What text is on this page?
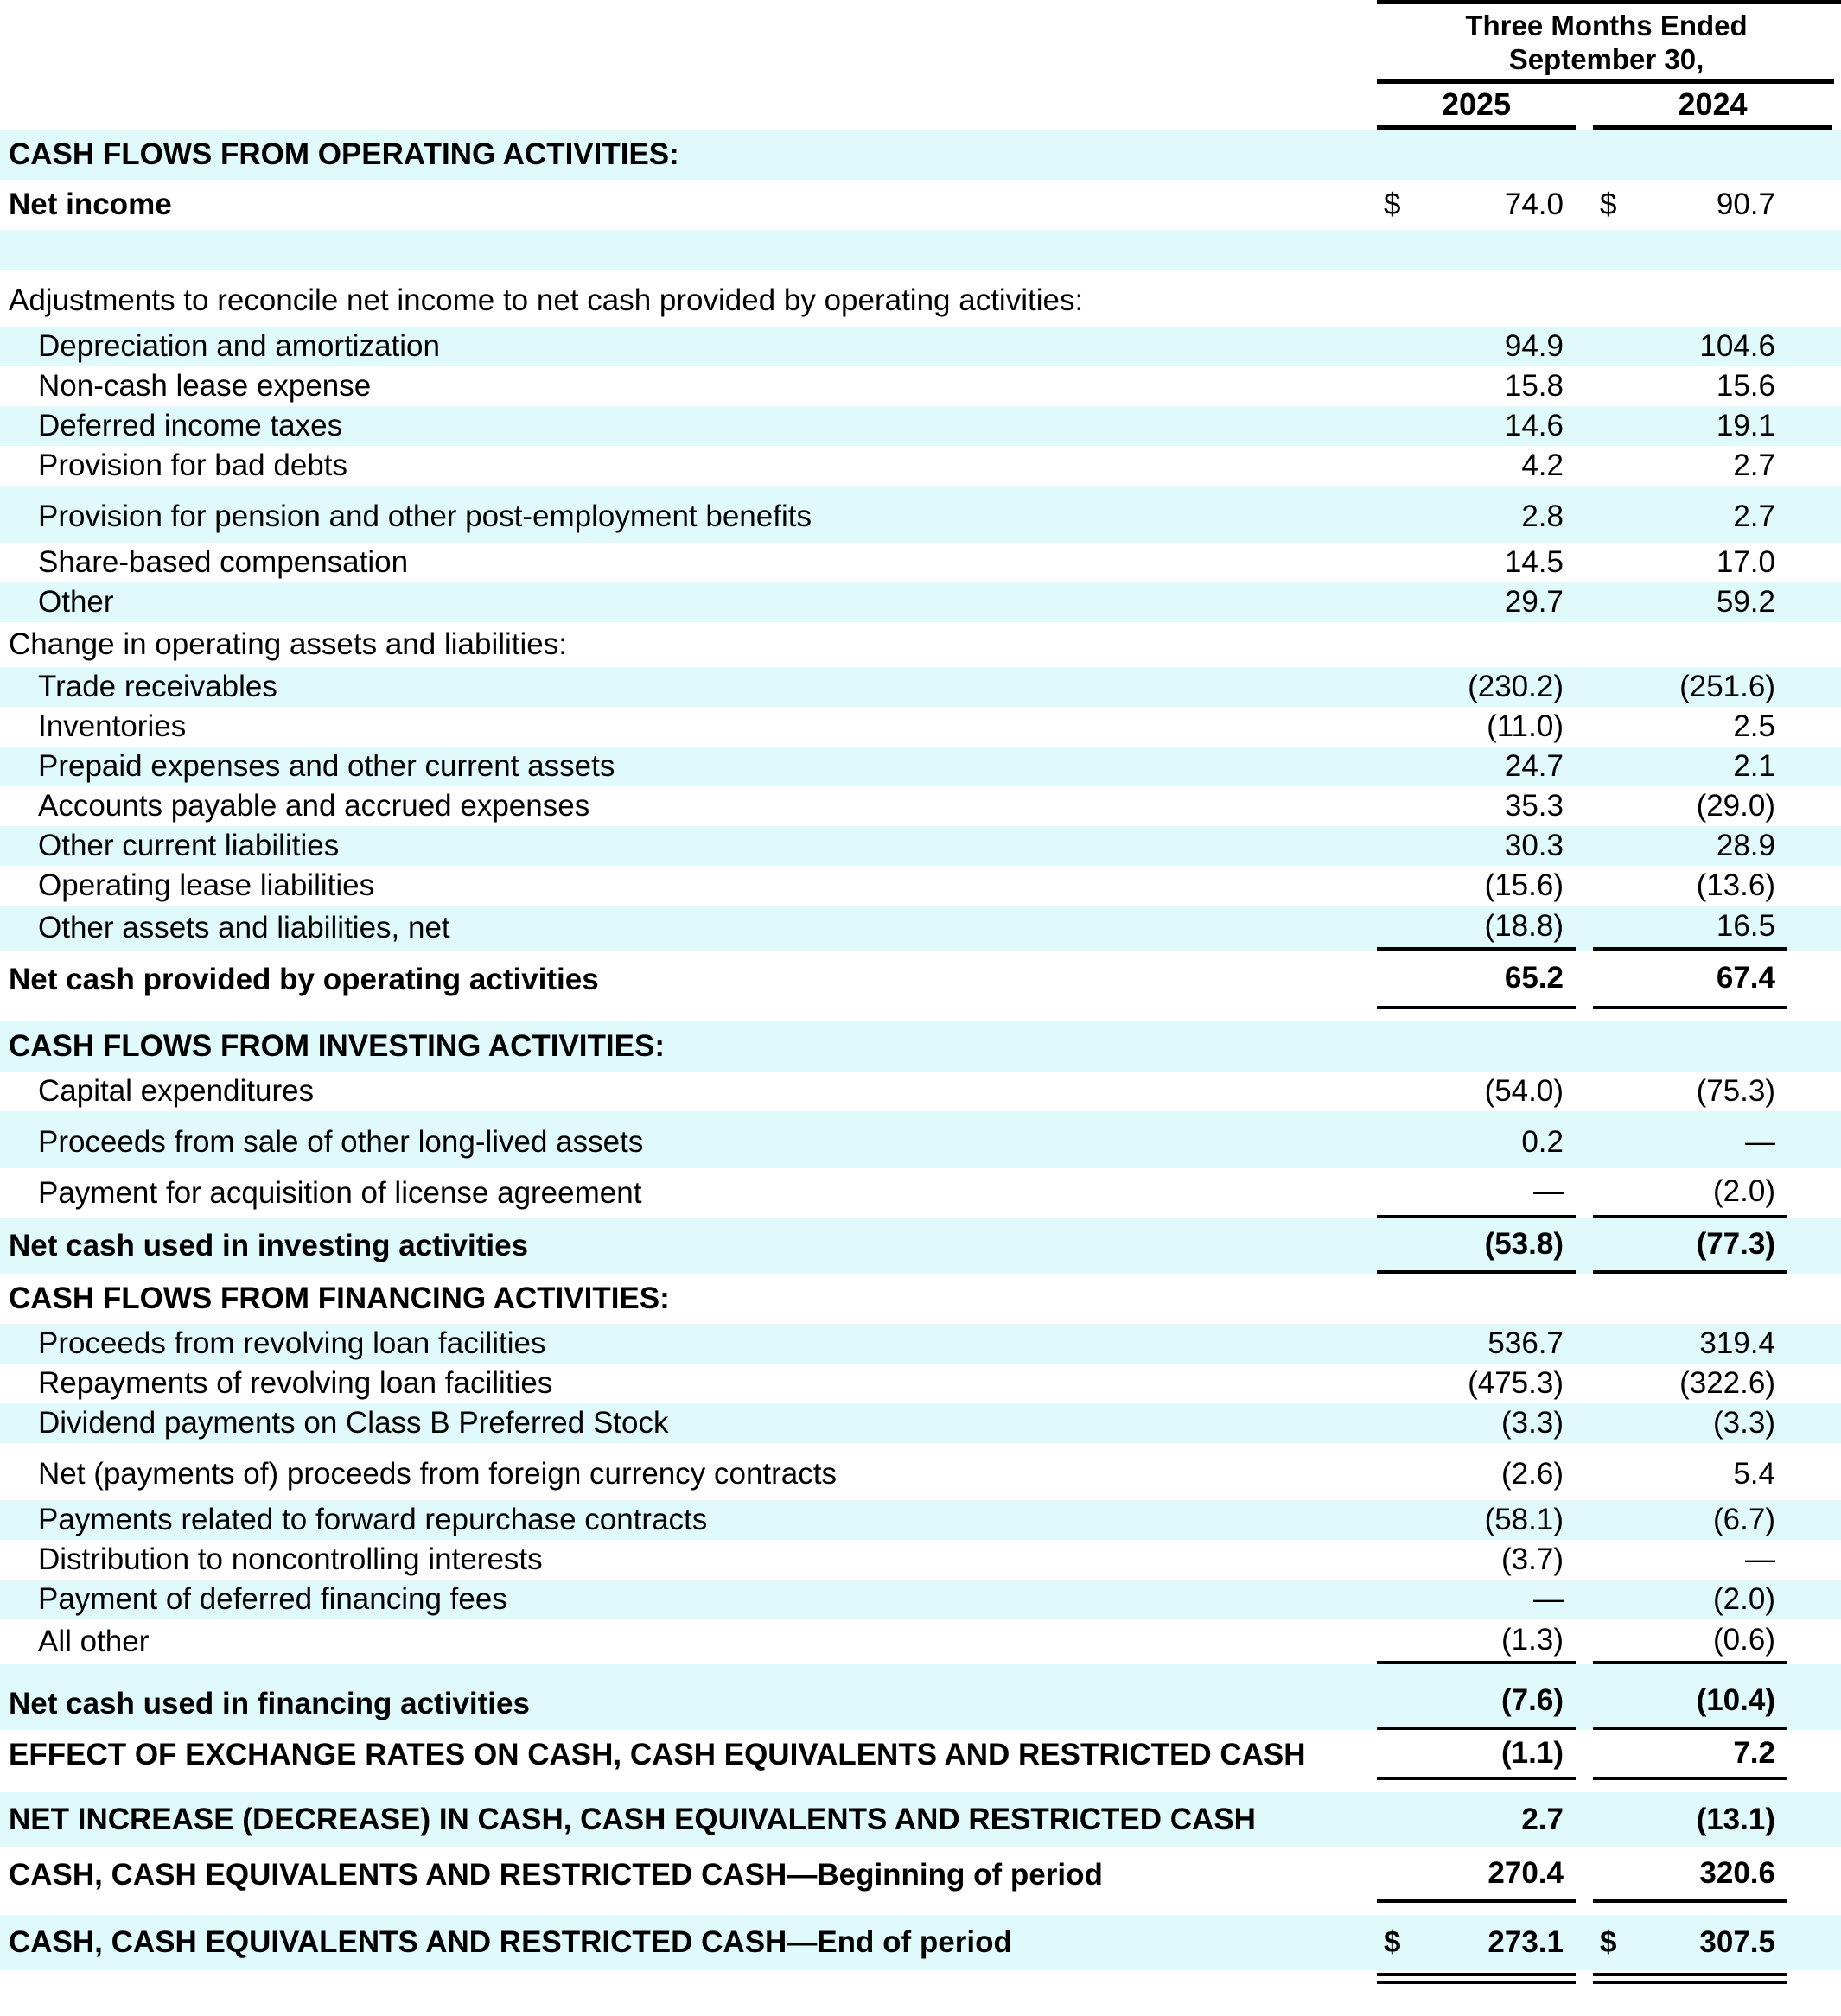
Three Months Ended
September 30,
2025	2024
CASH FLOWS FROM OPERATING ACTIVITIES:
Net income	$	74.0	$	90.7
Adjustments to reconcile net income to net cash provided by operating activities:
Depreciation and amortization	94.9	104.6
Non-cash lease expense	15.8	15.6
Deferred income taxes	14.6	19.1
Provision for bad debts	4.2	2.7
Provision for pension and other post-employment benefits	2.8	2.7
Share-based compensation	14.5	17.0
Other	29.7	59.2
Change in operating assets and liabilities:
Trade receivables	(230.2)	(251.6)
Inventories	(11.0)	2.5
Prepaid expenses and other current assets	24.7	2.1
Accounts payable and accrued expenses	35.3	(29.0)
Other current liabilities	30.3	28.9
Operating lease liabilities	(15.6)	(13.6)
Other assets and liabilities, net	(18.8)	16.5
Net cash provided by operating activities	65.2	67.4
CASH FLOWS FROM INVESTING ACTIVITIES:
Capital expenditures	(54.0)	(75.3)
Proceeds from sale of other long-lived assets	0.2	—
Payment for acquisition of license agreement	—	(2.0)
Net cash used in investing activities	(53.8)	(77.3)
CASH FLOWS FROM FINANCING ACTIVITIES:
Proceeds from revolving loan facilities	536.7	319.4
Repayments of revolving loan facilities	(475.3)	(322.6)
Dividend payments on Class B Preferred Stock	(3.3)	(3.3)
Net (payments of) proceeds from foreign currency contracts	(2.6)	5.4
Payments related to forward repurchase contracts	(58.1)	(6.7)
Distribution to noncontrolling interests	(3.7)	—
Payment of deferred financing fees	—	(2.0)
All other	(1.3)	(0.6)
Net cash used in financing activities	(7.6)	(10.4)
EFFECT OF EXCHANGE RATES ON CASH, CASH EQUIVALENTS AND RESTRICTED CASH	(1.1)	7.2
NET INCREASE (DECREASE) IN CASH, CASH EQUIVALENTS AND RESTRICTED CASH	2.7	(13.1)
CASH, CASH EQUIVALENTS AND RESTRICTED CASH—Beginning of period	270.4	320.6
CASH, CASH EQUIVALENTS AND RESTRICTED CASH—End of period	$	273.1	$	307.5
